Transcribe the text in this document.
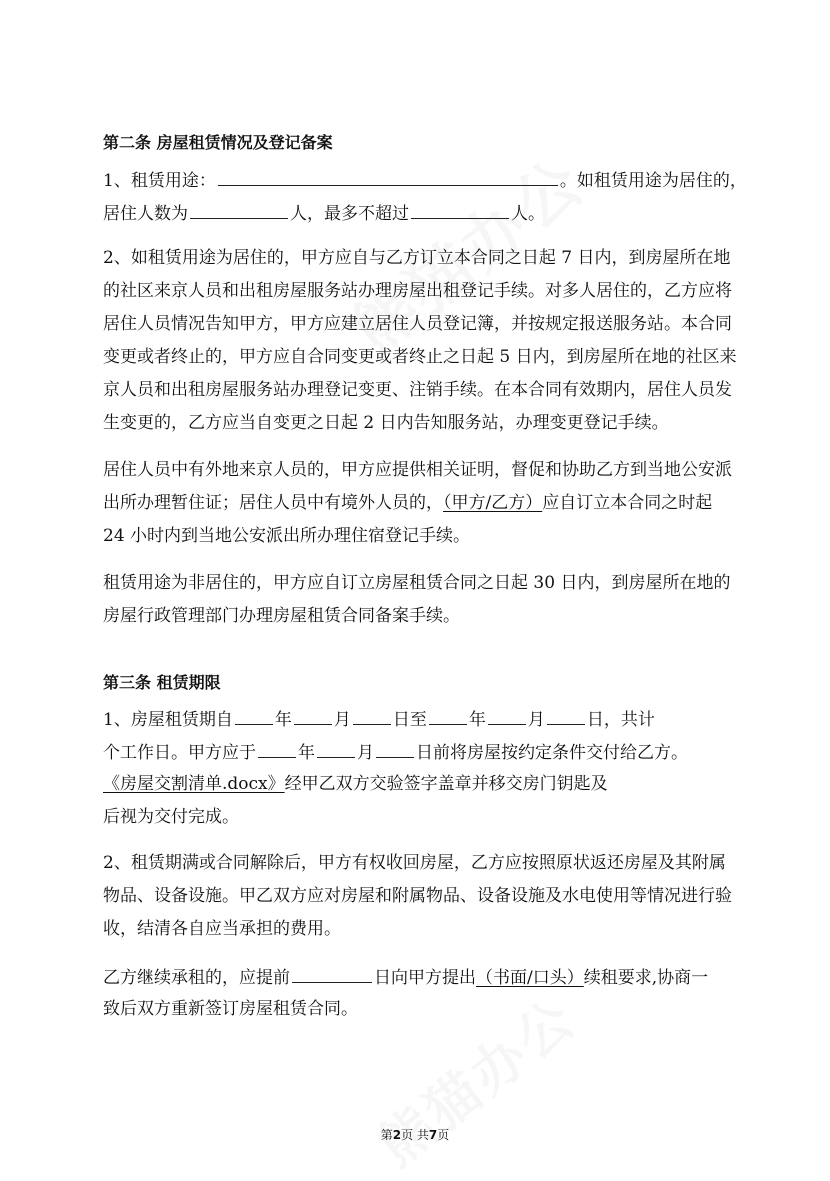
第二条 房屋租赁情况及登记备案
1、租赁用途：	。如租赁用途为居住的，
居住人数为	人，最多不超过	人。
2、如租赁用途为居住的，甲方应自与乙方订立本合同之日起 7 日内，到房屋所在地
的社区来京人员和出租房屋服务站办理房屋出租登记手续。对多人居住的，乙方应将
居住人员情况告知甲方，甲方应建立居住人员登记簿，并按规定报送服务站。本合同
变更或者终止的，甲方应自合同变更或者终止之日起 5 日内，到房屋所在地的社区来
京人员和出租房屋服务站办理登记变更、注销手续。在本合同有效期内，居住人员发
生变更的，乙方应当自变更之日起 2 日内告知服务站，办理变更登记手续。
居住人员中有外地来京人员的，甲方应提供相关证明，督促和协助乙方到当地公安派
出所办理暂住证；居住人员中有境外人员的，（甲方/乙方）应自订立本合同之时起
24 小时内到当地公安派出所办理住宿登记手续。
租赁用途为非居住的，甲方应自订立房屋租赁合同之日起 30 日内，到房屋所在地的
房屋行政管理部门办理房屋租赁合同备案手续。
第三条 租赁期限
1、房屋租赁期自 年 月 日至 年 月 日，共计
个工作日。甲方应于 年 月 日前将房屋按约定条件交付给乙方。
《房屋交割清单.docx》经甲乙双方交验签字盖章并移交房门钥匙及
后视为交付完成。
2、租赁期满或合同解除后，甲方有权收回房屋，乙方应按照原状返还房屋及其附属
物品、设备设施。甲乙双方应对房屋和附属物品、设备设施及水电使用等情况进行验
收，结清各自应当承担的费用。
乙方继续承租的，应提前	日向甲方提出（书面/口头）续租要求,协商一
致后双方重新签订房屋租赁合同。
第2页 共7页
